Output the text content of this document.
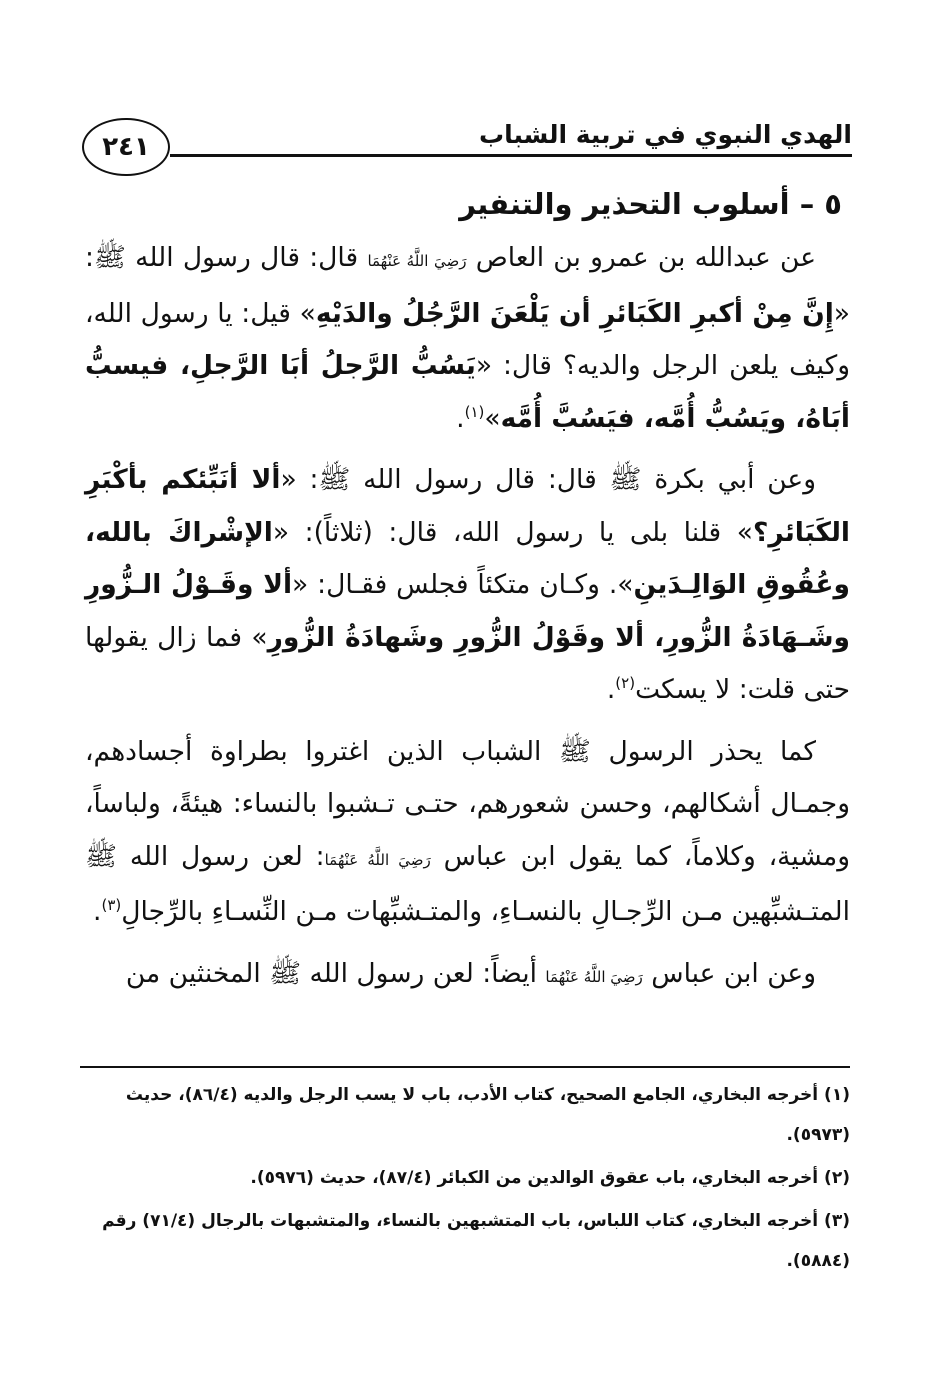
الهدي النبوي في تربية الشباب
٢٤١
٥ – أسلوب التحذير والتنفير

عن عبدالله بن عمرو بن العاص رَضِيَ اللَّهُ عَنْهُمَا قال: قال رسول الله ﷺ: «إِنَّ مِنْ أكبرِ الكَبَائرِ أن يَلْعَنَ الرَّجُلُ والدَيْهِ» قيل: يا رسول الله، وكيف يلعن الرجل والديه؟ قال: «يَسُبُّ الرَّجلُ أبَا الرَّجلِ، فيسبُّ أبَاهُ، ويَسُبُّ أُمَّه، فيَسُبَّ أُمَّه»$^{(١)}$.

وعن أبي بكرة ﷺ قال: قال رسول الله ﷺ: «ألا أنَبِّئكم بأكْبَرِ الكَبَائرِ؟» قلنا بلى يا رسول الله، قال: (ثلاثاً): «الإشْراكَ بالله، وعُقُوقِ الوَالِـدَينِ». وكـان متكئاً فجلس فقـال: «ألا وقَـوْلُ الـزُّورِ وشَـهَادَةُ الزُّورِ، ألا وقَوْلُ الزُّورِ وشَهادَةُ الزُّورِ» فما زال يقولها حتى قلت: لا يسكت$^{(٢)}$.

كما يحذر الرسول ﷺ الشباب الذين اغتروا بطراوة أجسادهم، وجمـال أشكالهم، وحسن شعورهم، حتـى تـشبوا بالنساء: هيئةً، ولباساً، ومشية، وكلاماً، كما يقول ابن عباس رَضِيَ اللَّهُ عَنْهُمَا: لعن رسول الله ﷺ المتـشبِّهين مـن الرِّجـالِ بالنسـاءِ، والمتـشبِّهات مـن النِّسـاءِ بالرِّجالِ$^{(٣)}$.

وعن ابن عباس رَضِيَ اللَّهُ عَنْهُمَا أيضاً: لعن رسول الله ﷺ المخنثين من

(١) أخرجه البخاري، الجامع الصحيح، كتاب الأدب، باب لا يسب الرجل والديه (٨٦/٤)، حديث (٥٩٧٣).

(٢) أخرجه البخاري، باب عقوق الوالدين من الكبائر (٨٧/٤)، حديث (٥٩٧٦).

(٣) أخرجه البخاري، كتاب اللباس، باب المتشبهين بالنساء، والمتشبهات بالرجال (٧١/٤) رقم (٥٨٨٤).
